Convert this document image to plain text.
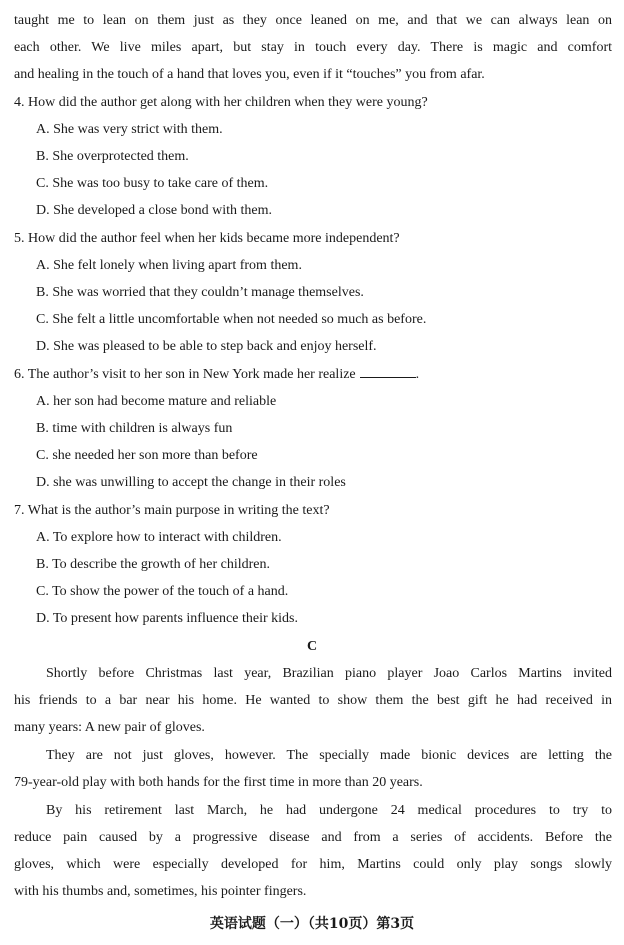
taught me to lean on them just as they once leaned on me, and that we can always lean on
each other. We live miles apart, but stay in touch every day. There is magic and comfort
and healing in the touch of a hand that loves you, even if it “touches” you from afar.
4. How did the author get along with her children when they were young?
A. She was very strict with them.
B. She overprotected them.
C. She was too busy to take care of them.
D. She developed a close bond with them.
5. How did the author feel when her kids became more independent?
A. She felt lonely when living apart from them.
B. She was worried that they couldn’t manage themselves.
C. She felt a little uncomfortable when not needed so much as before.
D. She was pleased to be able to step back and enjoy herself.
6. The author’s visit to her son in New York made her realize	.
A. her son had become mature and reliable
B. time with children is always fun
C. she needed her son more than before
D. she was unwilling to accept the change in their roles
7. What is the author’s main purpose in writing the text?
A. To explore how to interact with children.
B. To describe the growth of her children.
C. To show the power of the touch of a hand.
D. To present how parents influence their kids.
C
Shortly before Christmas last year, Brazilian piano player Joao Carlos Martins invited
his friends to a bar near his home. He wanted to show them the best gift he had received in
many years: A new pair of gloves.
They are not just gloves, however. The specially made bionic devices are letting the
79-year-old play with both hands for the first time in more than 20 years.
By his retirement last March, he had undergone 24 medical procedures to try to
reduce pain caused by a progressive disease and from a series of accidents. Before the
gloves, which were especially developed for him, Martins could only play songs slowly
with his thumbs and, sometimes, his pointer fingers.
英语试题（一）（共10页）第3页
